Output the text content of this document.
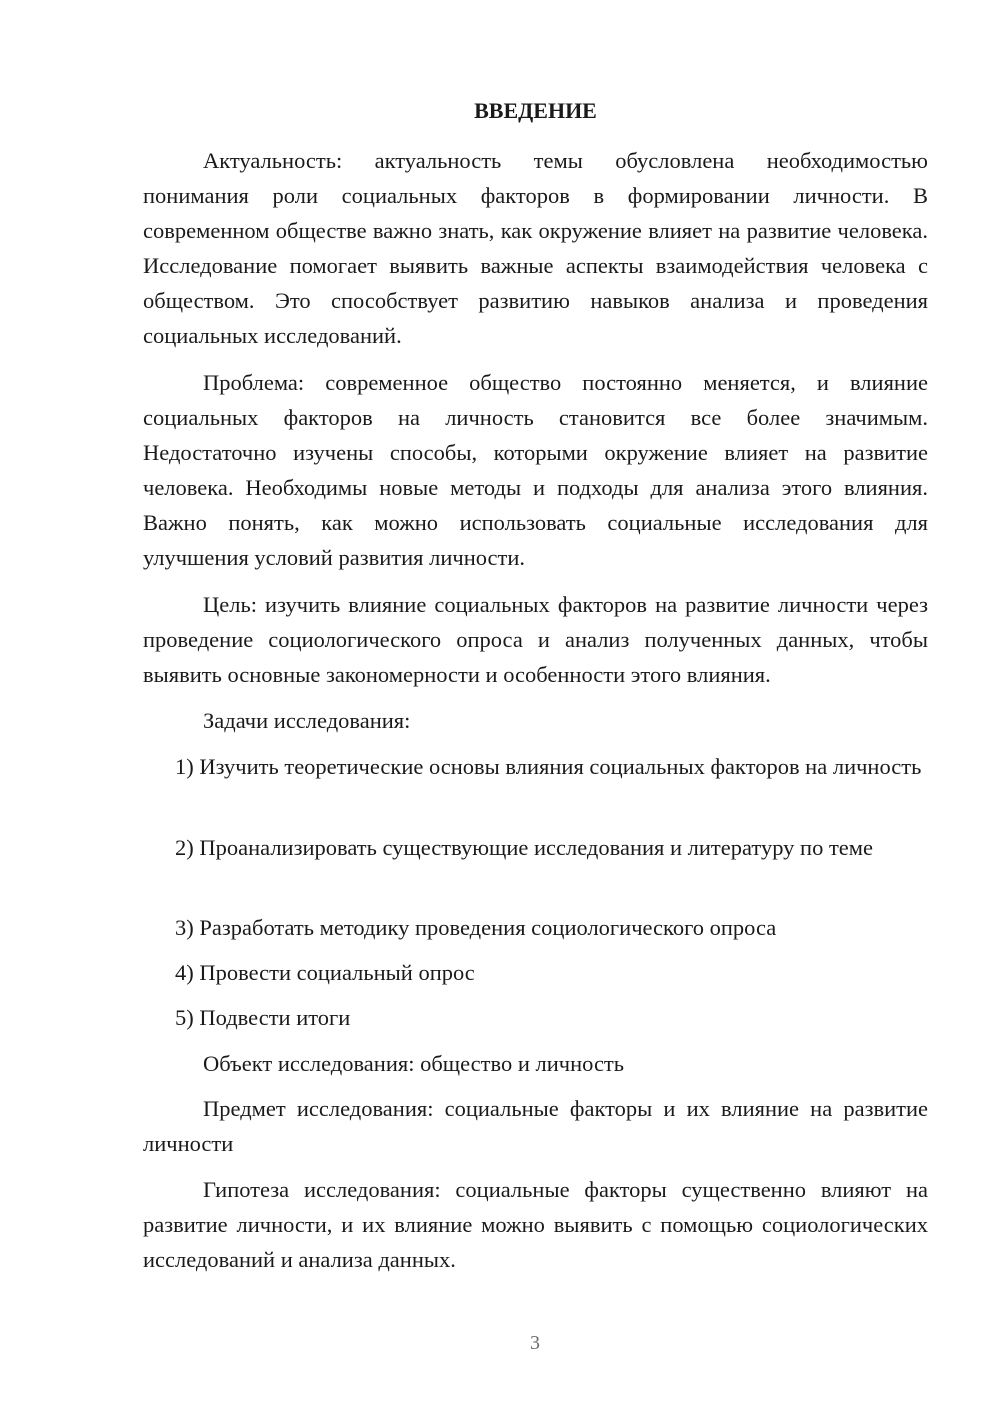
ВВЕДЕНИЕ

Актуальность: актуальность темы обусловлена необходимостью понимания роли социальных факторов в формировании личности. В современном обществе важно знать, как окружение влияет на развитие человека. Исследование помогает выявить важные аспекты взаимодействия человека с обществом. Это способствует развитию навыков анализа и проведения социальных исследований.

Проблема: современное общество постоянно меняется, и влияние социальных факторов на личность становится все более значимым. Недостаточно изучены способы, которыми окружение влияет на развитие человека. Необходимы новые методы и подходы для анализа этого влияния. Важно понять, как можно использовать социальные исследования для улучшения условий развития личности.

Цель: изучить влияние социальных факторов на развитие личности через проведение социологического опроса и анализ полученных данных, чтобы выявить основные закономерности и особенности этого влияния.

Задачи исследования:

1) Изучить теоретические основы влияния социальных факторов на личность

2) Проанализировать существующие исследования и литературу по теме

3) Разработать методику проведения социологического опроса

4) Провести социальный опрос

5) Подвести итоги

Объект исследования: общество и личность

Предмет исследования: социальные факторы и их влияние на развитие личности

Гипотеза исследования: социальные факторы существенно влияют на развитие личности, и их влияние можно выявить с помощью социологических исследований и анализа данных.

3
